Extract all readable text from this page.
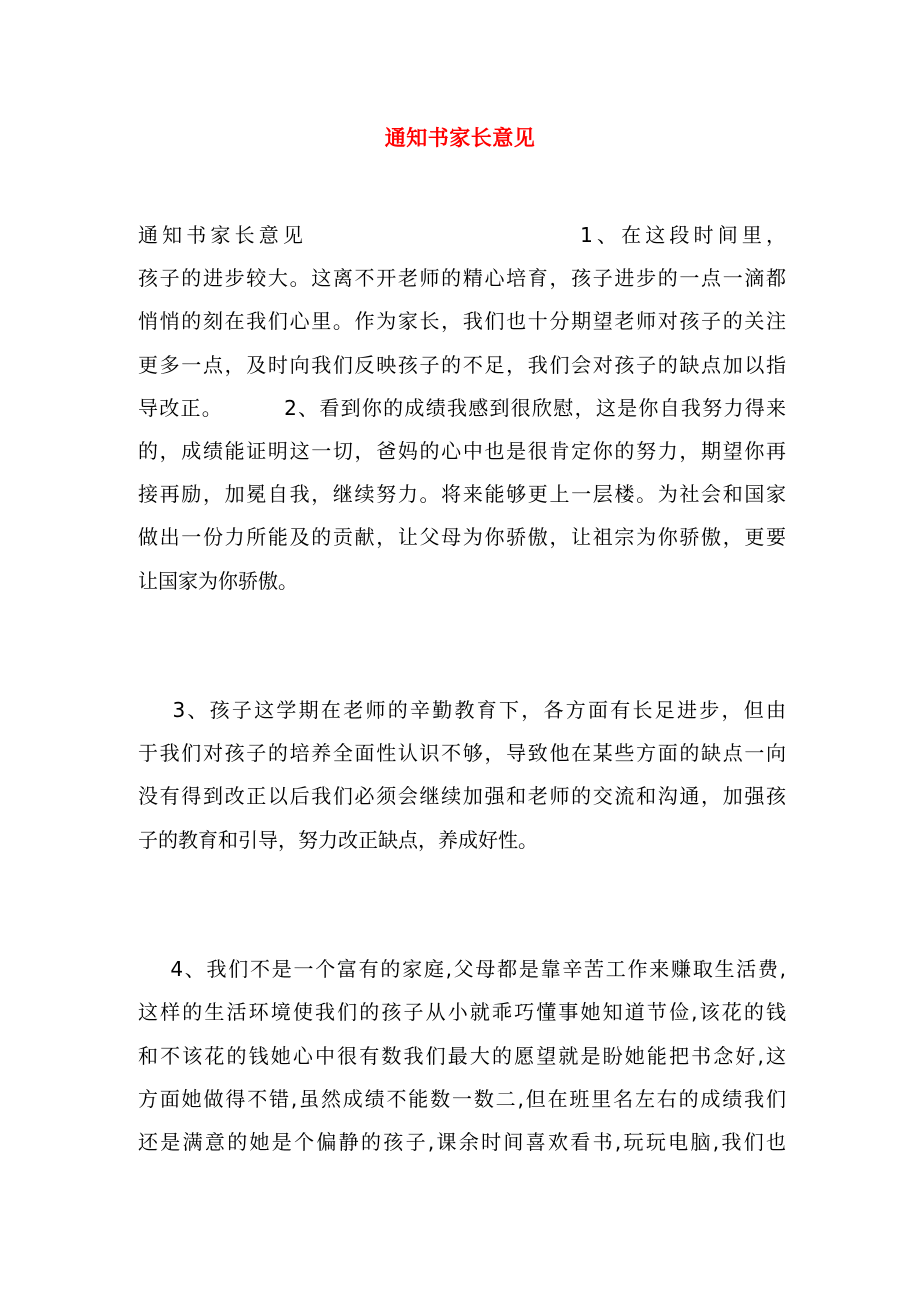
通知书家长意见
通知书家长意见                          1、在这段时间里，
孩子的进步较大。这离不开老师的精心培育，孩子进步的一点一滴都
悄悄的刻在我们心里。作为家长，我们也十分期望老师对孩子的关注
更多一点，及时向我们反映孩子的不足，我们会对孩子的缺点加以指
导改正。        2、看到你的成绩我感到很欣慰，这是你自我努力得来
的，成绩能证明这一切，爸妈的心中也是很肯定你的努力，期望你再
接再励，加冕自我，继续努力。将来能够更上一层楼。为社会和国家
做出一份力所能及的贡献，让父母为你骄傲，让祖宗为你骄傲，更要
让国家为你骄傲。
3、孩子这学期在老师的辛勤教育下，各方面有长足进步，但由
于我们对孩子的培养全面性认识不够，导致他在某些方面的缺点一向
没有得到改正以后我们必须会继续加强和老师的交流和沟通，加强孩
子的教育和引导，努力改正缺点，养成好性。
4、我们不是一个富有的家庭,父母都是靠辛苦工作来赚取生活费,
这样的生活环境使我们的孩子从小就乖巧懂事她知道节俭,该花的钱
和不该花的钱她心中很有数我们最大的愿望就是盼她能把书念好,这
方面她做得不错,虽然成绩不能数一数二,但在班里名左右的成绩我们
还是满意的她是个偏静的孩子,课余时间喜欢看书,玩玩电脑,我们也
